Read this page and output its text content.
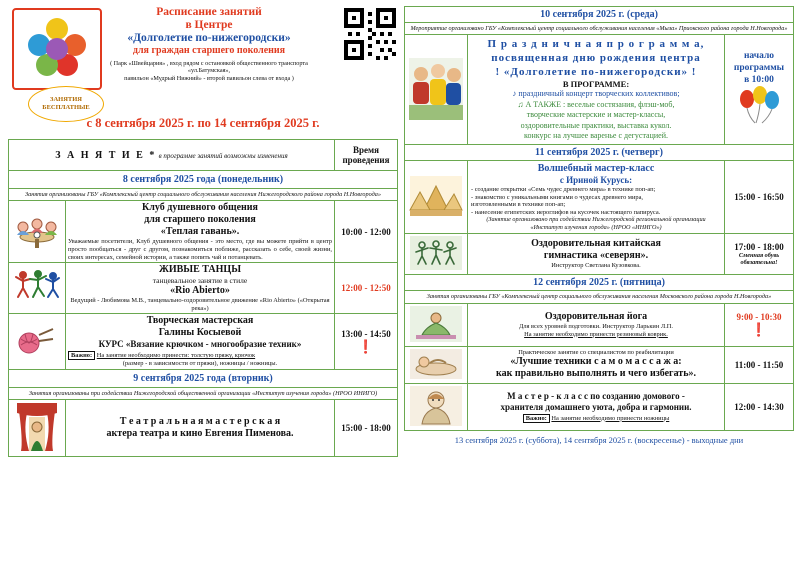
Расписание занятий
в Центре
«Долголетие по-нижегородски»
для граждан старшего поколения
( Парк «Швейцария» , вход рядом с остановкой общественного транспорта «ул.Батумская»,
павильон «Мудрый Нижний» - второй павильон слева от входа )
ЗАНЯТИЯ
БЕСПЛАТНЫЕ
с 8 сентября 2025 г. по 14 сентября 2025 г.
З А Н Я Т И Е * в программе занятий возможны изменения		Время
проведения

8 сентября 2025 года (понедельник)		
Занятия организованы ГБУ «Комплексный центр социального обслуживания населения Нижегородского района города Н.Новгорода»		

Клуб душевного общения
для старшего поколения
«Теплая гавань».
Уважаемые посетители, Клуб душевного общения - это место, где вы можете прийти в центр просто пообщаться - друг с другом, познакомиться поближе, рассказать о себе, своей жизни, своих интересах, семейной истории, а также попить чай и потанцевать.	10:00 - 12:00

ЖИВЫЕ ТАНЦЫ
танцевальное занятие в стиле
«Rio Abierto»
Ведущий - Любимова М.В., танцевально-оздоровительное движение «Rio Abierto» («Открытая река»)	12:00 - 12:50

Творческая мастерская
Галины Косыевой
КУРС «Вязание крючком - многообразие техник»
Важно: На занятие необходимо принести: толстую пряжу, крючок
(размер - в зависимости от пряжи), ножницы / ножницы.

13:00 - 14:50
❗

9 сентября 2025 года (вторник)		
Занятия организованы при содействии Нижегородской общественной организации «Институт изучения города» (НРОО ИНИГО)		

Т е а т р а л ь н а я м а с т е р с к а я
актера театра и кино Евгения Пименова.	15:00 - 18:00
10 сентября 2025 г. (среда)		
Мероприятие организовано ГБУ «Комплексный центр социального обслуживания населения «Мыза» Приокского района города Н.Новгорода»		

П р а з д н и ч н а я п р о г р а м м а,
посвященная дню рождения центра
! «Долголетие по-нижегородски» !
В ПРОГРАММЕ:
♪ праздничный концерт творческих коллективов;
♫ А ТАКЖЕ : веселые состязания, флэш-моб,
творческие мастерские и мастер-классы,
оздоровительные практики, выставка кукол.
конкурс на лучшее варенье с дегустацией.

начало
программы
в 10:00

11 сентября 2025 г. (четверг)		

Волшебный мастер-класс
с Ириной Курусь:
- создание открытки «Семь чудес древнего мира» в технике поп-ап;
- знакомство с уникальными книгами о чудесах древнего мира,
изготовленными в технике поп-ап;
- нанесение египетских иероглифов на кусочек настоящего папируса.
(Занятие организовано при содействии Нижегородской региональной организации «Институт изучения города» (НРОО «ИНИГО»)
	15:00 - 16:50

Оздоровительная китайская
гимнастика «северян».
Инструктор Светлана Кузовкова.

17:00 - 18:00
Сменная обувь
обязательна!

12 сентября 2025 г. (пятница)		
Занятия организованы ГБУ «Комплексный центр социального обслуживания населения Московского района города Н.Новгорода»		

Оздоровительная йога
Для всех уровней подготовки. Инструктор Ларькин Л.П.
На занятие необходимо принести резиновый коврик.

9:00 - 10:30
❗

Практическое занятие со специалистом по реабилитации
«Лучшие техники с а м о м а с с а ж а:
как правильно выполнять и чего избегать».	11:00 - 11:50

М а с т е р - к л а с с по созданию домового -
хранителя домашнего уюта, добра и гармонии.
Важно: На занятие необходимо принести ножницы	12:00 - 14:30
13 сентября 2025 г. (суббота), 14 сентября 2025 г. (воскресенье) - выходные дни
